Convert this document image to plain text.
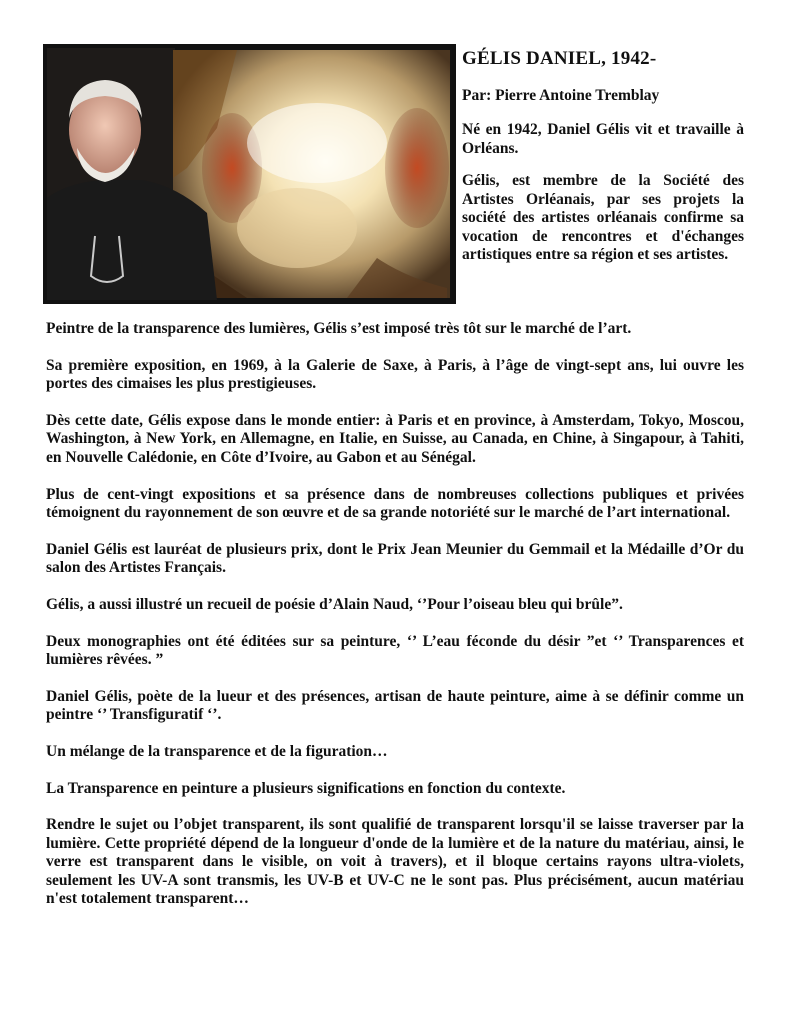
GÉLIS DANIEL, 1942-
Par: Pierre Antoine Tremblay

Né en 1942, Daniel Gélis vit et travaille à Orléans.

Gélis, est membre de la Société des Artistes Orléanais, par ses projets la société des artistes orléanais confirme sa vocation de rencontres et d'échanges artistiques entre sa région et ses artistes.

Peintre de la transparence des lumières, Gélis s’est imposé très tôt sur le marché de l’art.

Sa première exposition, en 1969, à la Galerie de Saxe, à Paris, à l’âge de vingt-sept ans, lui ouvre les portes des cimaises les plus prestigieuses.

Dès cette date, Gélis expose dans le monde entier: à Paris et en province, à Amsterdam, Tokyo, Moscou, Washington, à New York, en Allemagne, en Italie, en Suisse, au Canada, en Chine, à Singapour, à Tahiti, en Nouvelle Calédonie, en Côte d’Ivoire, au Gabon et au Sénégal.

Plus de cent-vingt expositions et sa présence dans de nombreuses collections publiques et privées témoignent du rayonnement de son œuvre et de sa grande notoriété sur le marché de l’art international.

Daniel Gélis est lauréat de plusieurs prix, dont le Prix Jean Meunier du Gemmail et la Médaille d’Or du salon des Artistes Français.

Gélis, a aussi illustré un recueil de poésie d’Alain Naud, ‘’Pour l’oiseau bleu qui brûle”.

Deux monographies ont été éditées sur sa peinture, ‘’ L’eau féconde du désir ”et ‘’ Transparences et lumières rêvées. ”

Daniel Gélis, poète de la lueur et des présences, artisan de haute peinture, aime à se définir comme un peintre ‘’ Transfiguratif ‘’.

Un mélange de la transparence et de la figuration…

La Transparence en peinture a plusieurs significations en fonction du contexte.

Rendre le sujet ou l’objet transparent, ils sont qualifié de transparent lorsqu'il se laisse traverser par la lumière. Cette propriété dépend de la longueur d'onde de la lumière et de la nature du matériau, ainsi, le verre est transparent dans le visible, on voit à travers), et il bloque certains rayons ultra-violets, seulement les UV-A sont transmis, les UV-B et UV-C ne le sont pas. Plus précisément, aucun matériau n'est totalement transparent…
